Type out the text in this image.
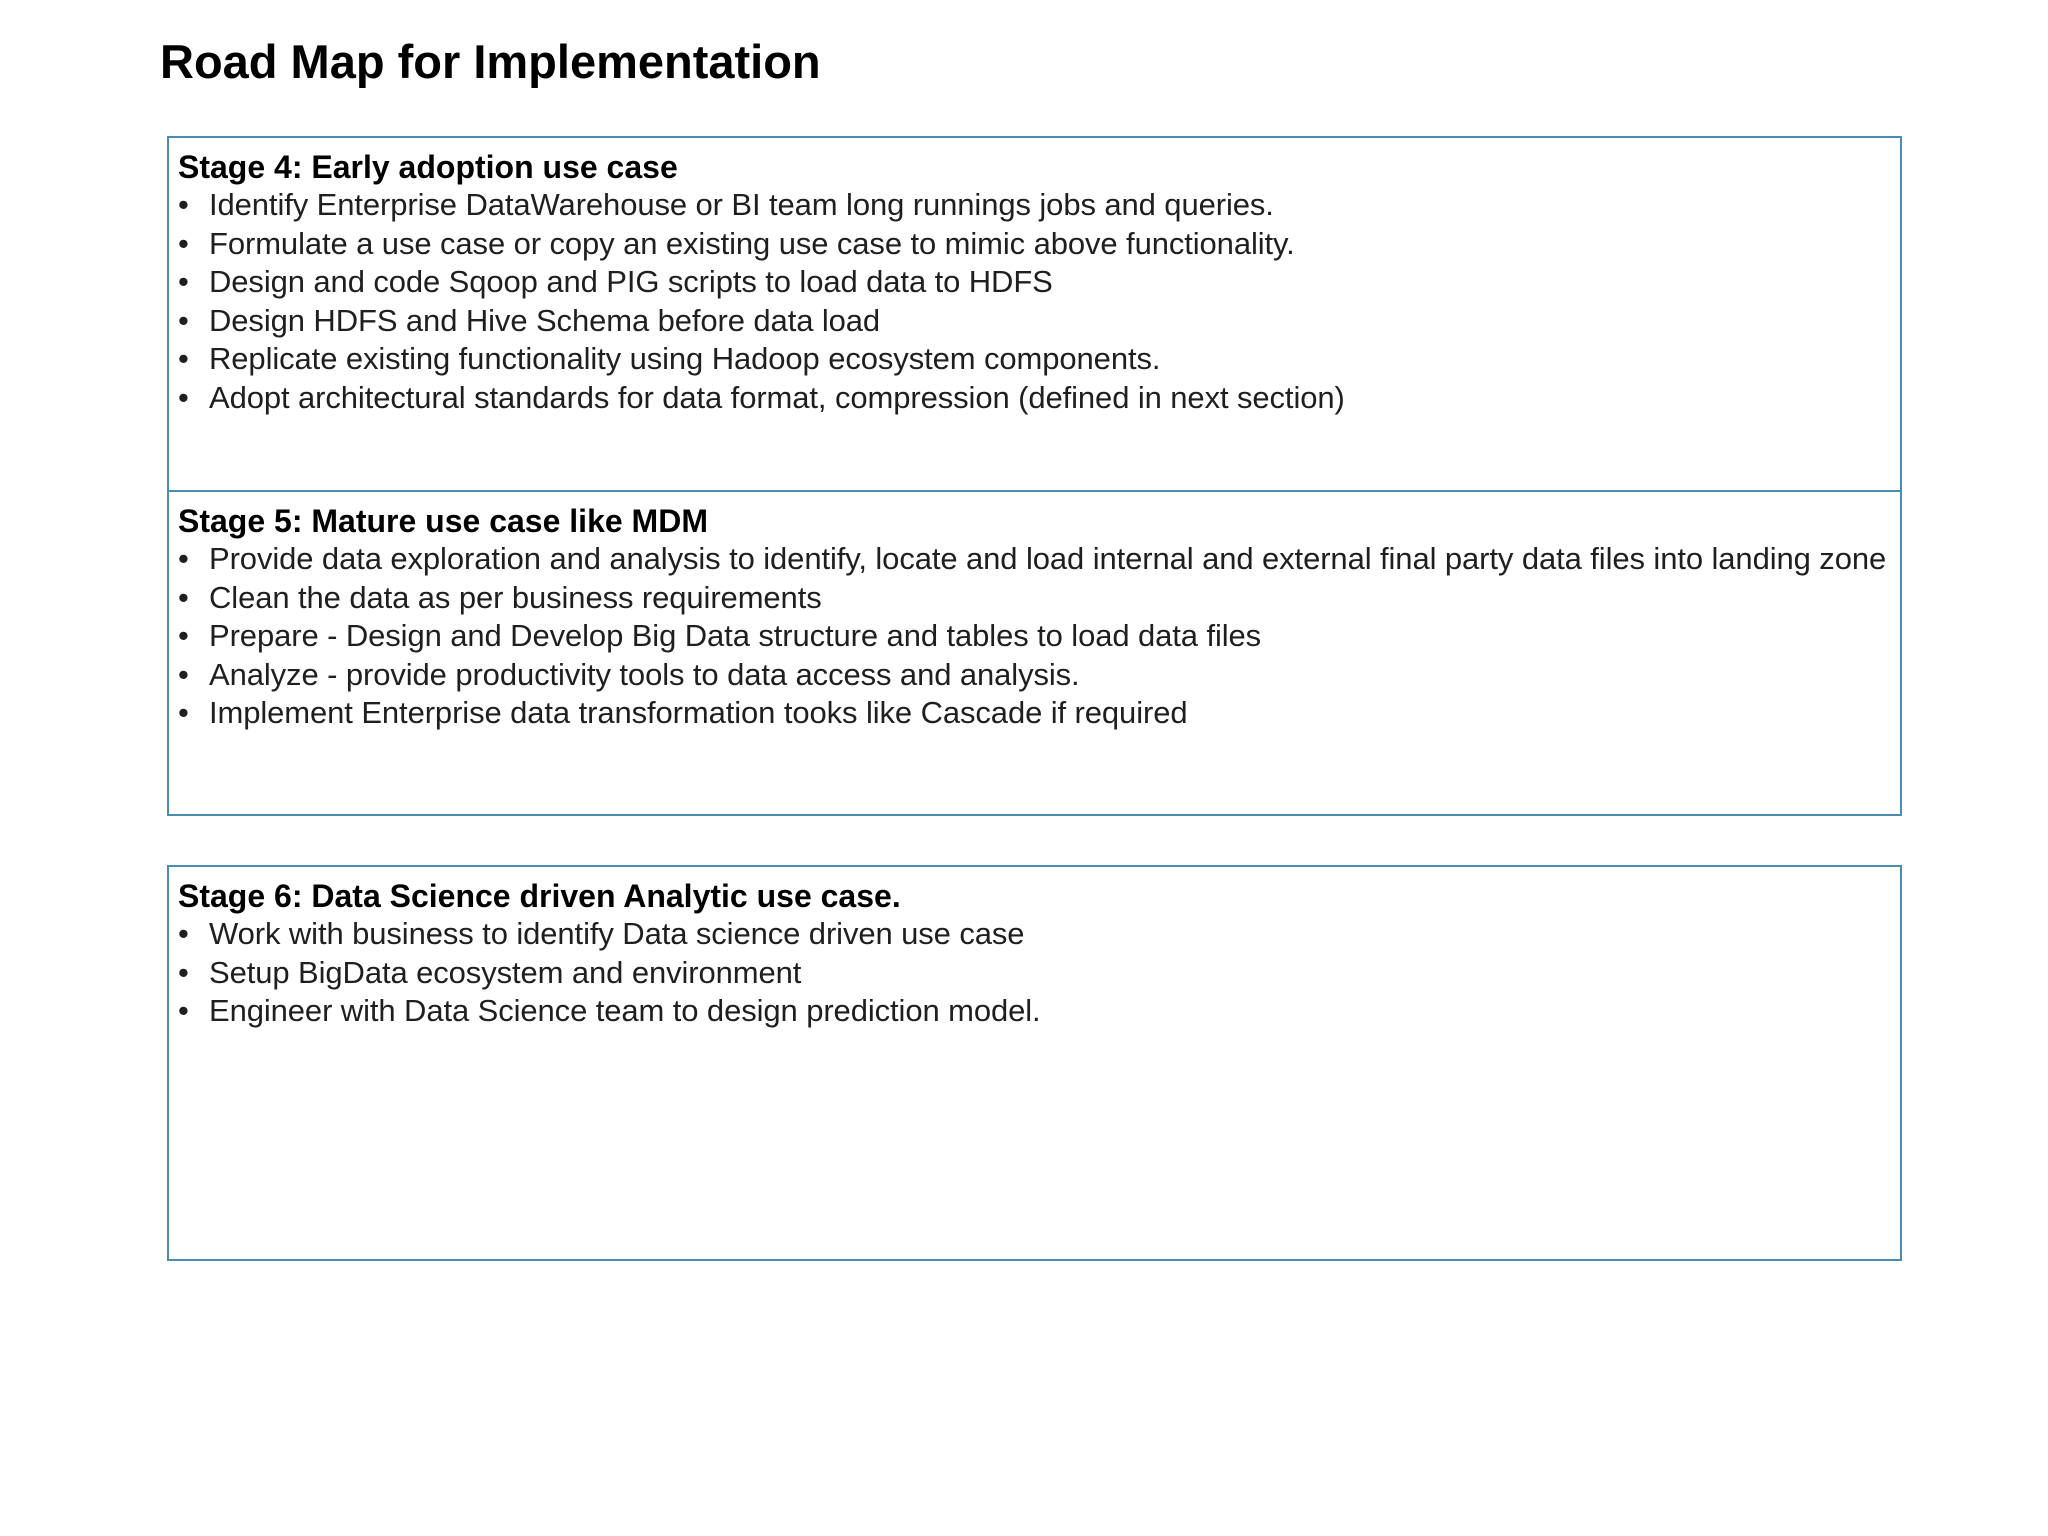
Road Map for Implementation
Stage 4: Early adoption use case
• Identify Enterprise DataWarehouse or BI team long runnings jobs and queries.
• Formulate a use case or copy an existing use case to mimic above functionality.
• Design and code Sqoop and PIG scripts to load data to HDFS
• Design HDFS and Hive Schema before data load
• Replicate existing functionality using Hadoop ecosystem components.
• Adopt architectural standards for data format, compression (defined in next section)
Stage 5: Mature use case like MDM
• Provide data exploration and analysis to identify, locate and load internal and external final party data files into landing zone
• Clean the data as per business requirements
• Prepare - Design and Develop Big Data structure and tables to load data files
• Analyze - provide productivity tools to data access and analysis.
• Implement Enterprise data transformation tooks like Cascade if required
Stage 6: Data Science driven Analytic use case.
• Work with business to identify Data science driven use case
• Setup BigData ecosystem and environment
• Engineer with Data Science team to design prediction model.
